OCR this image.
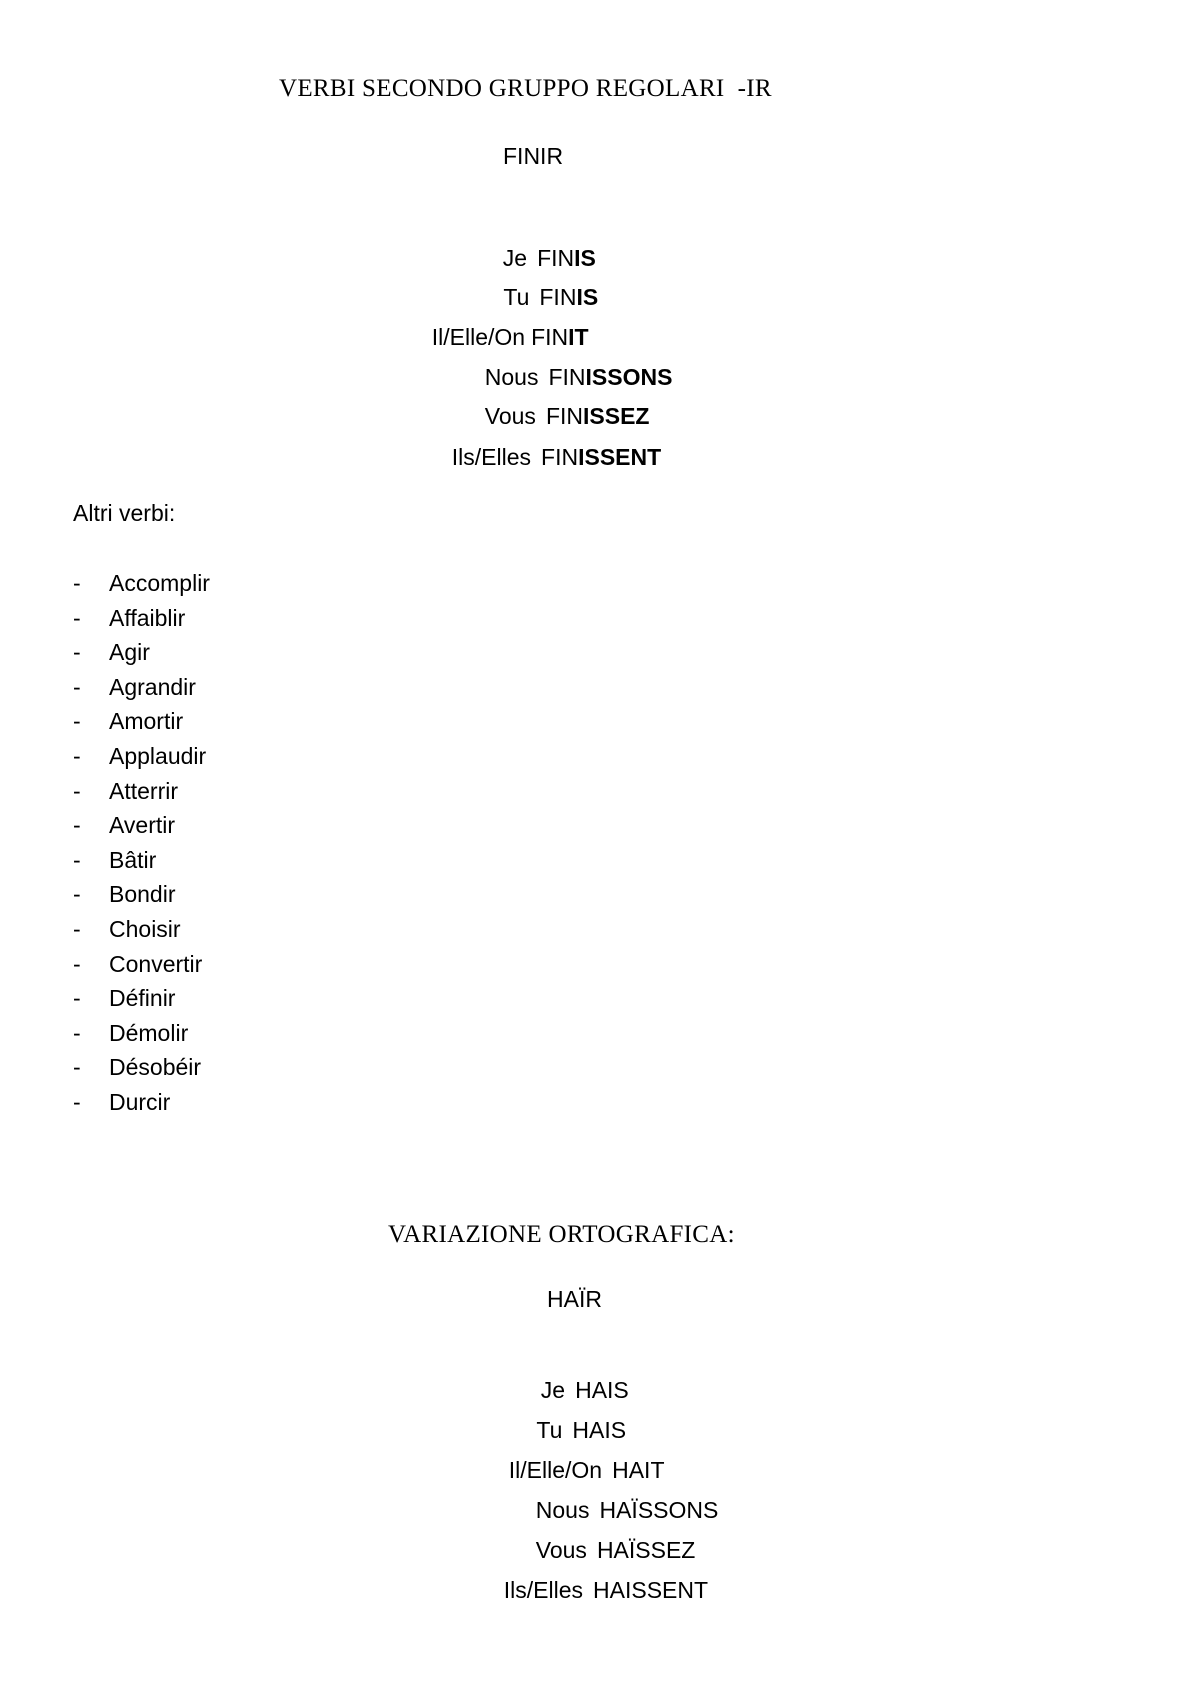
VERBI SECONDO GRUPPO REGOLARI  -IR
FINIR

Je FINIS

Tu FINIS

Il/Elle/On FINIT

Nous FINISSONS

Vous FINISSEZ

Ils/Elles FINISSENT

Altri verbi:
- Accomplir
- Affaiblir
- Agir
- Agrandir
- Amortir
- Applaudir
- Atterrir
- Avertir
- Bâtir
- Bondir
- Choisir
- Convertir
- Définir
- Démolir
- Désobéir
- Durcir
VARIAZIONE ORTOGRAFICA:
HAÏR

Je HAIS

Tu HAIS

Il/Elle/On HAIT

Nous HAÏSSONS

Vous HAÏSSEZ

Ils/Elles HAISSENT
